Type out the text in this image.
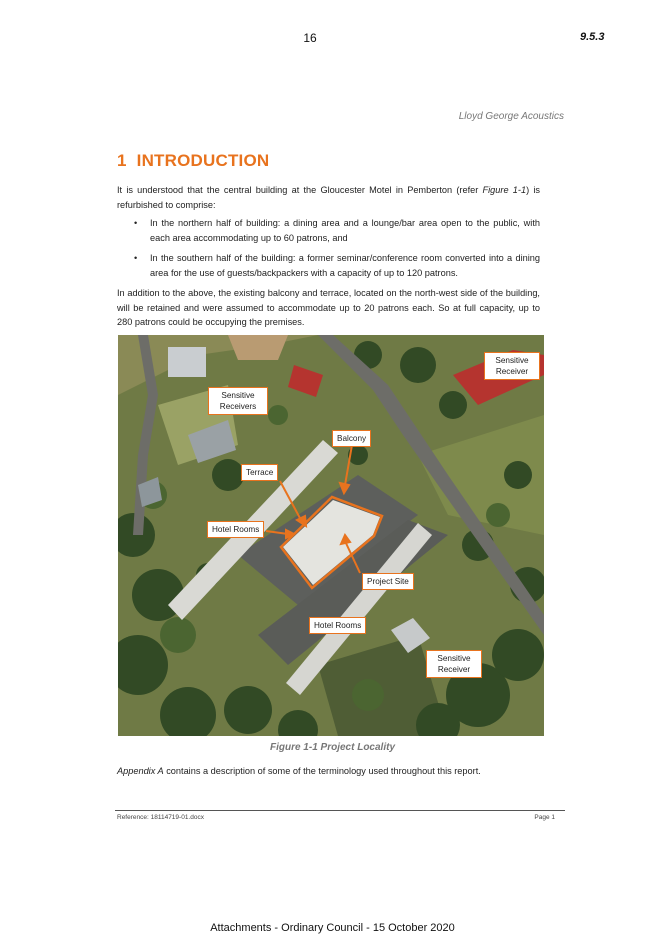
16	9.5.3
Lloyd George Acoustics
1 INTRODUCTION
It is understood that the central building at the Gloucester Motel in Pemberton (refer Figure 1-1) is refurbished to comprise:
• In the northern half of building: a dining area and a lounge/bar area open to the public, with each area accommodating up to 60 patrons, and
• In the southern half of the building: a former seminar/conference room converted into a dining area for the use of guests/backpackers with a capacity of up to 120 patrons.
In addition to the above, the existing balcony and terrace, located on the north-west side of the building, will be retained and were assumed to accommodate up to 20 patrons each. So at full capacity, up to 280 patrons could be occupying the premises.
Sensitive Receiver
Sensitive Receivers
Balcony
Terrace
Hotel Rooms
Project Site
Hotel Rooms
Sensitive Receiver
Figure 1-1 Project Locality
Appendix A contains a description of some of the terminology used throughout this report.
Reference: 18114719-01.docx	Page 1
Attachments - Ordinary Council - 15 October 2020
